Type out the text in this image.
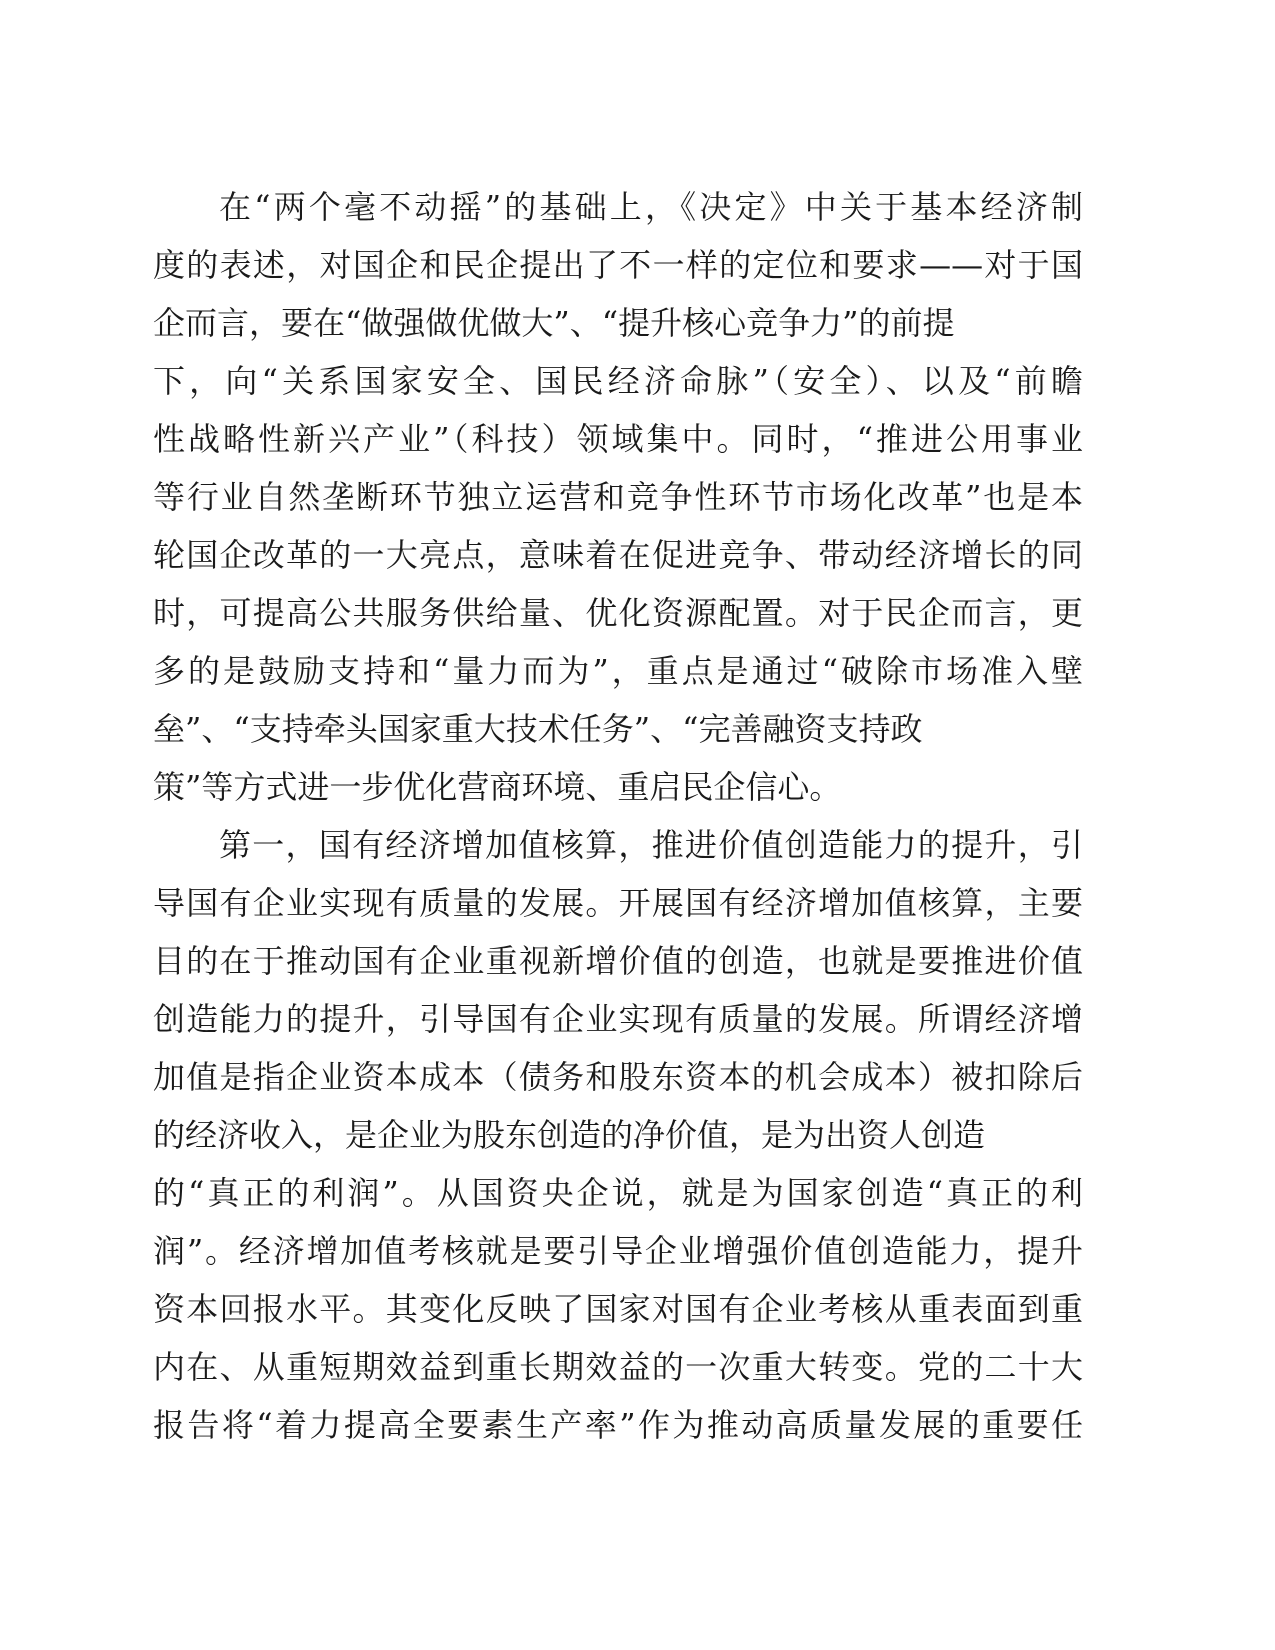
在“两个毫不动摇”的基础上，《决定》中关于基本经济制
度的表述，对国企和民企提出了不一样的定位和要求——对于国
企而言，要在“做强做优做大”、“提升核心竞争力”的前提
下，向“关系国家安全、国民经济命脉”（安全）、以及“前瞻
性战略性新兴产业”（科技）领域集中。同时，“推进公用事业
等行业自然垄断环节独立运营和竞争性环节市场化改革”也是本
轮国企改革的一大亮点，意味着在促进竞争、带动经济增长的同
时，可提高公共服务供给量、优化资源配置。对于民企而言，更
多的是鼓励支持和“量力而为”，重点是通过“破除市场准入壁
垒”、“支持牵头国家重大技术任务”、“完善融资支持政
策”等方式进一步优化营商环境、重启民企信心。
第一，国有经济增加值核算，推进价值创造能力的提升，引
导国有企业实现有质量的发展。开展国有经济增加值核算，主要
目的在于推动国有企业重视新增价值的创造，也就是要推进价值
创造能力的提升，引导国有企业实现有质量的发展。所谓经济增
加值是指企业资本成本（债务和股东资本的机会成本）被扣除后
的经济收入，是企业为股东创造的净价值，是为出资人创造
的“真正的利润”。从国资央企说，就是为国家创造“真正的利
润”。经济增加值考核就是要引导企业增强价值创造能力，提升
资本回报水平。其变化反映了国家对国有企业考核从重表面到重
内在、从重短期效益到重长期效益的一次重大转变。党的二十大
报告将“着力提高全要素生产率”作为推动高质量发展的重要任
